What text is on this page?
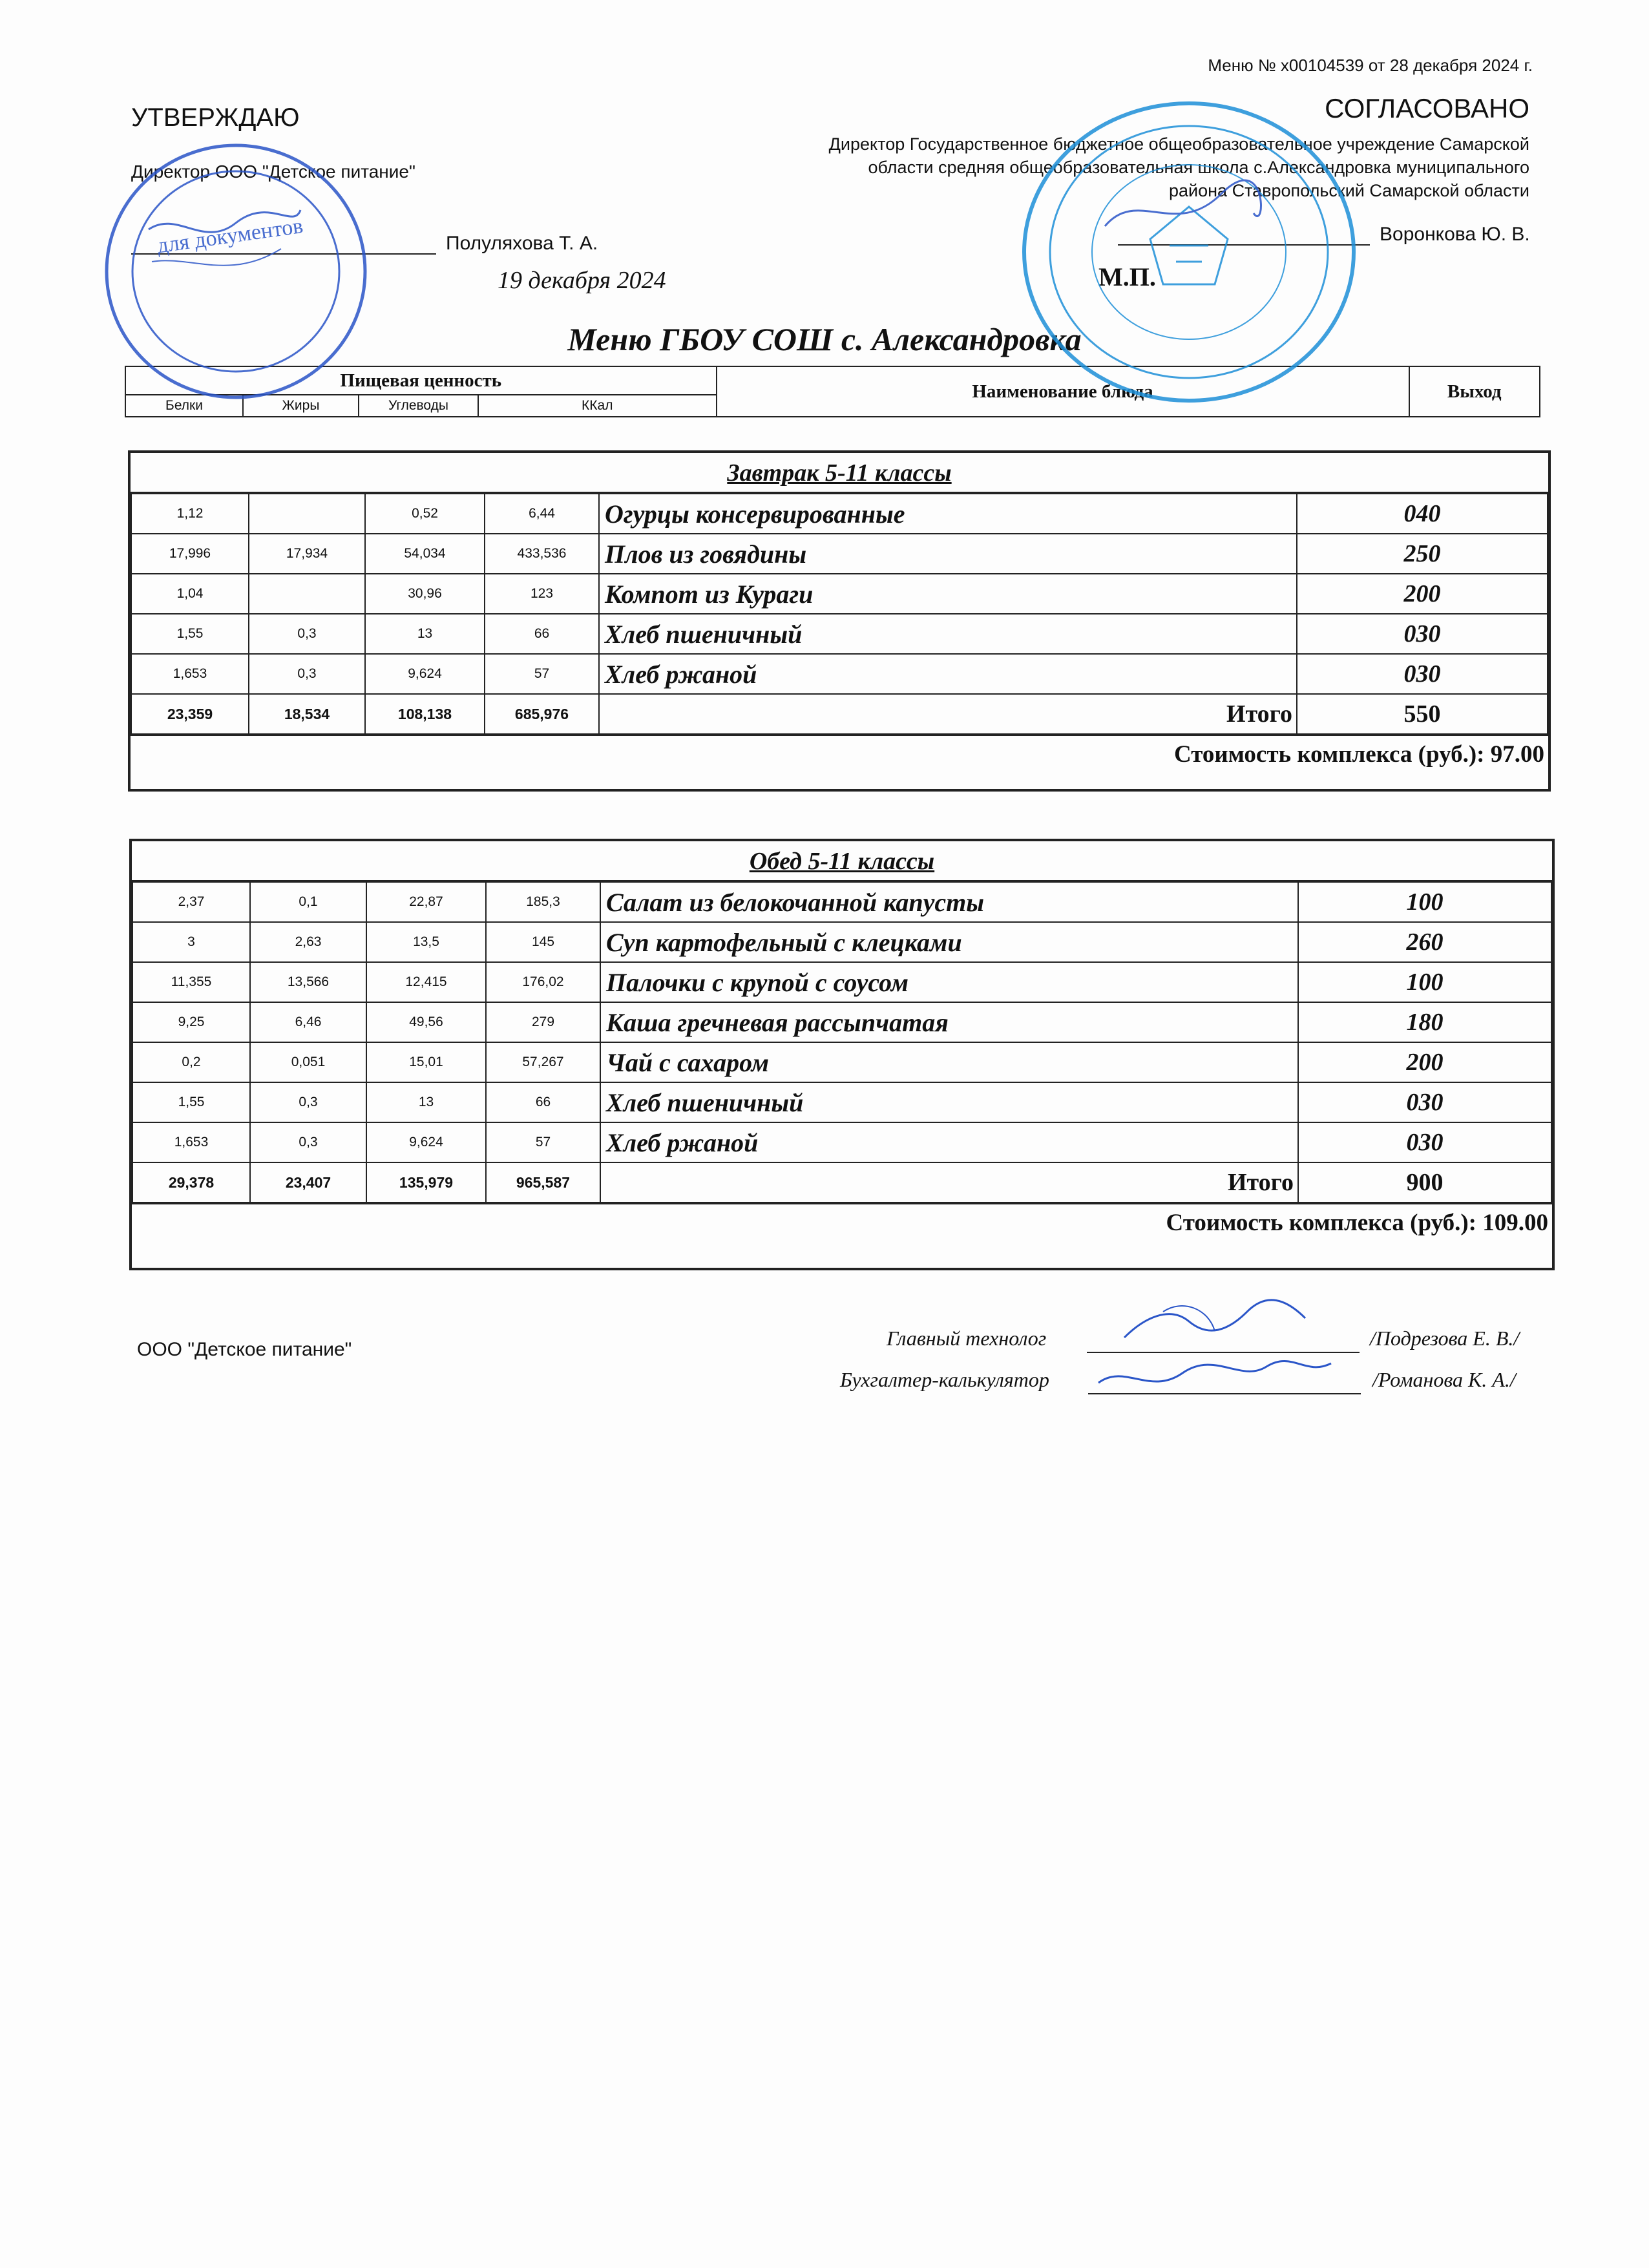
Меню № х00104539 от 28 декабря 2024 г.
УТВЕРЖДАЮ
Директор ООО "Детское питание"
Полуляхова Т. А.
19 декабря 2024
СОГЛАСОВАНО
Директор Государственное бюджетное общеобразовательное учреждение Самарской
области средняя общеобразовательная школа с.Александровка муниципального
района Ставропольский Самарской области
Воронкова Ю. В.
М.П.
Меню ГБОУ СОШ с. Александровка
Пищевая ценность				Наименование блюда	Выход
Белки	Жиры	Углеводы	ККал		
Завтрак 5-11 классы
1,12		0,52	6,44	Огурцы консервированные	040
17,996	17,934	54,034	433,536	Плов из говядины	250
1,04		30,96	123	Компот из Кураги	200
1,55	0,3	13	66	Хлеб пшеничный	030
1,653	0,3	9,624	57	Хлеб ржаной	030
23,359	18,534	108,138	685,976	Итого	550
Стоимость комплекса (руб.): 97.00
Обед 5-11 классы
2,37	0,1	22,87	185,3	Салат из белокочанной капусты	100
3	2,63	13,5	145	Суп картофельный с клецками	260
11,355	13,566	12,415	176,02	Палочки с крупой с соусом	100
9,25	6,46	49,56	279	Каша гречневая рассыпчатая	180
0,2	0,051	15,01	57,267	Чай с сахаром	200
1,55	0,3	13	66	Хлеб пшеничный	030
1,653	0,3	9,624	57	Хлеб ржаной	030
29,378	23,407	135,979	965,587	Итого	900
Стоимость комплекса (руб.): 109.00
ООО "Детское питание"	Главный технолог	/Подрезова Е. В./
Бухгалтер-калькулятор	/Романова К. А./
для документов
